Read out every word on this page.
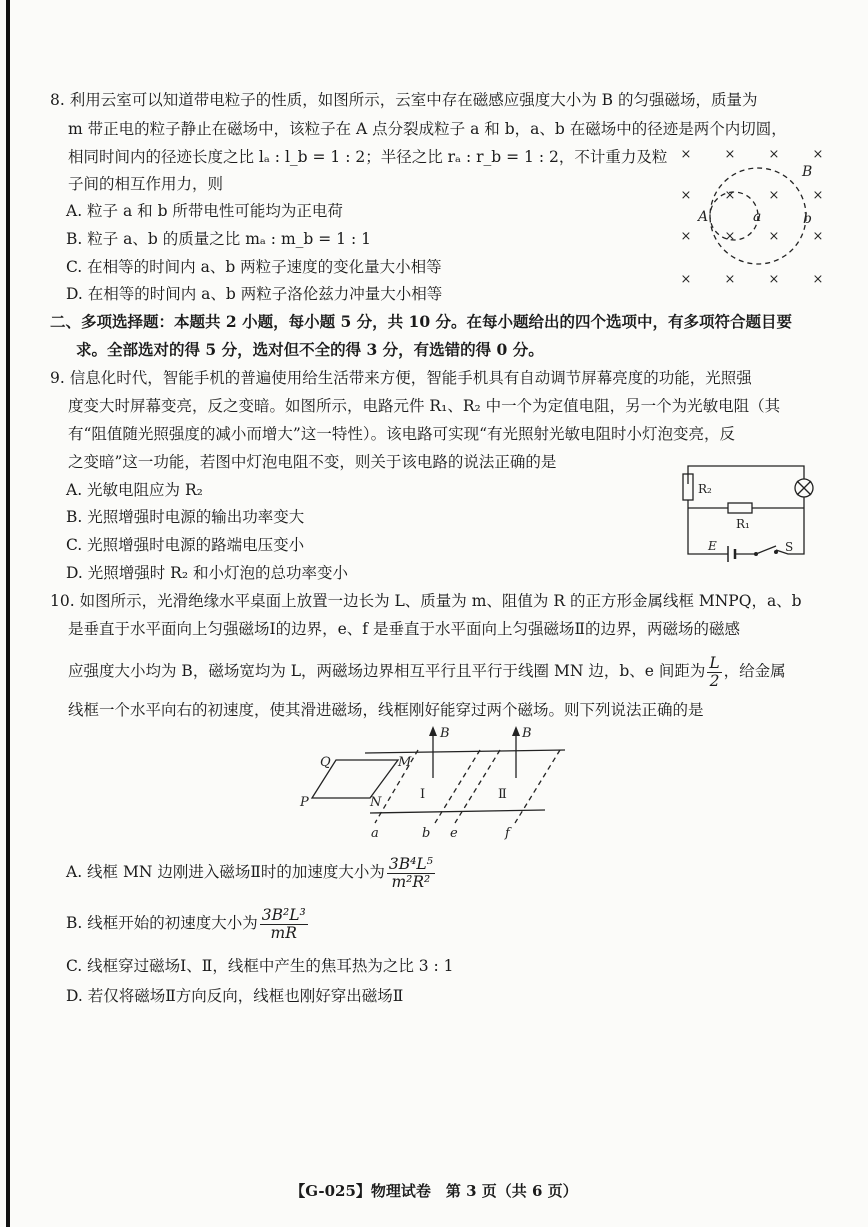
8. 利用云室可以知道带电粒子的性质，如图所示，云室中存在磁感应强度大小为 B 的匀强磁场，质量为
m 带正电的粒子静止在磁场中，该粒子在 A 点分裂成粒子 a 和 b，a、b 在磁场中的径迹是两个内切圆，
相同时间内的径迹长度之比 lₐ : l_b = 1 : 2；半径之比 rₐ : r_b = 1 : 2，不计重力及粒
子间的相互作用力，则
A. 粒子 a 和 b 所带电性可能均为正电荷
B. 粒子 a、b 的质量之比 mₐ : m_b = 1 : 1
C. 在相等的时间内 a、b 两粒子速度的变化量大小相等
D. 在相等的时间内 a、b 两粒子洛伦兹力冲量大小相等
×	×	×	×
×	×	×	×
×	×	×	×
×	×	×	×
B
A	a	b
二、多项选择题：本题共 2 小题，每小题 5 分，共 10 分。在每小题给出的四个选项中，有多项符合题目要
求。全部选对的得 5 分，选对但不全的得 3 分，有选错的得 0 分。
9. 信息化时代，智能手机的普遍使用给生活带来方便，智能手机具有自动调节屏幕亮度的功能，光照强
度变大时屏幕变亮，反之变暗。如图所示，电路元件 R₁、R₂ 中一个为定值电阻，另一个为光敏电阻（其
有“阻值随光照强度的减小而增大”这一特性）。该电路可实现“有光照射光敏电阻时小灯泡变亮，反
之变暗”这一功能，若图中灯泡电阻不变，则关于该电路的说法正确的是
A. 光敏电阻应为 R₂
B. 光照增强时电源的输出功率变大
C. 光照增强时电源的路端电压变小
D. 光照增强时 R₂ 和小灯泡的总功率变小
R₂
R₁
E	S
10. 如图所示，光滑绝缘水平桌面上放置一边长为 L、质量为 m、阻值为 R 的正方形金属线框 MNPQ，a、b
是垂直于水平面向上匀强磁场Ⅰ的边界，e、f 是垂直于水平面向上匀强磁场Ⅱ的边界，两磁场的磁感
应强度大小均为 B，磁场宽均为 L，两磁场边界相互平行且平行于线圈 MN 边，b、e 间距为 $\frac{L}{2}$ ，给金属
线框一个水平向右的初速度，使其滑进磁场，线框刚好能穿过两个磁场。则下列说法正确的是
Q	M
P	N
B	B
Ⅰ	Ⅱ
a	b e	f
A. 线框 MN 边刚进入磁场Ⅱ时的加速度大小为 $\frac{\text{3B⁴L⁵}}{\text{m²R²}}$
B. 线框开始的初速度大小为 $\frac{\text{3B²L³}}{mR}$
C. 线框穿过磁场Ⅰ、Ⅱ，线框中产生的焦耳热为之比 3 : 1
D. 若仅将磁场Ⅱ方向反向，线框也刚好穿出磁场Ⅱ
【G-025】物理试卷　第 3 页（共 6 页）
